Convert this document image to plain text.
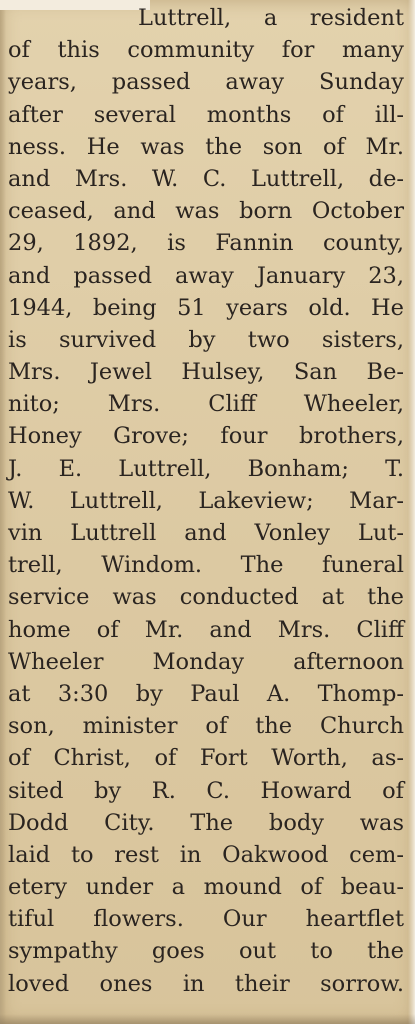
Luttrell, a resident
of this community for many
years, passed away Sunday
after several months of ill-
ness. He was the son of Mr.
and Mrs. W. C. Luttrell, de-
ceased, and was born October
29, 1892, is Fannin county,
and passed away January 23,
1944, being 51 years old. He
is survived by two sisters,
Mrs. Jewel Hulsey, San Be-
nito; Mrs. Cliff Wheeler,
Honey Grove; four brothers,
J. E. Luttrell, Bonham; T.
W. Luttrell, Lakeview; Mar-
vin Luttrell and Vonley Lut-
trell, Windom. The funeral
service was conducted at the
home of Mr. and Mrs. Cliff
Wheeler Monday afternoon
at 3:30 by Paul A. Thomp-
son, minister of the Church
of Christ, of Fort Worth, as-
sited by R. C. Howard of
Dodd City. The body was
laid to rest in Oakwood cem-
etery under a mound of beau-
tiful flowers. Our heartflet
sympathy goes out to the
loved ones in their sorrow.
